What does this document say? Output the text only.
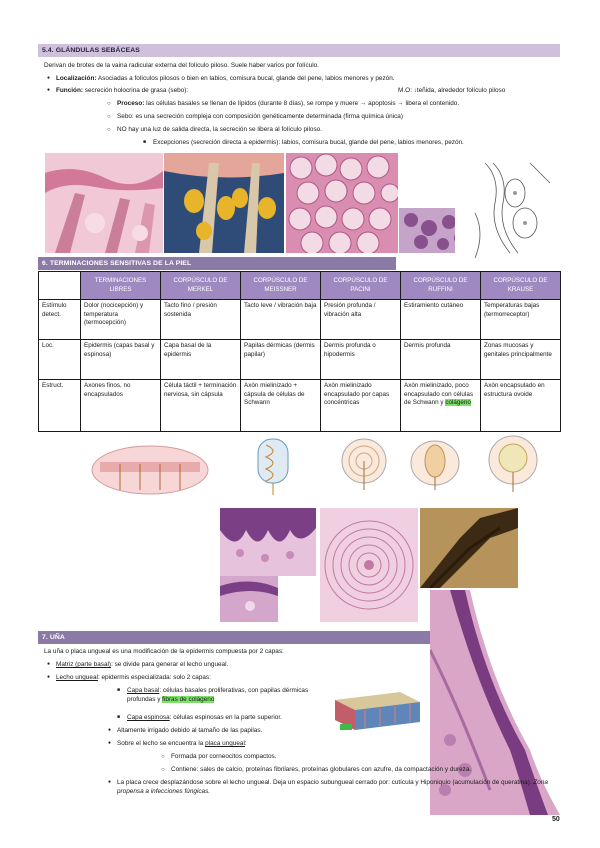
5.4. GLÁNDULAS SEBÁCEAS
Derivan de brotes de la vaina radicular externa del folículo piloso. Suele haber varios por folículo.
● Localización: Asociadas a folículos pilosos o bien en labios, comisura bucal, glande del pene, labios menores y pezón.
● Función: secreción holocrina de grasa (sebo):	M.O: ↓teñida, alrededor folículo piloso
○ Proceso: las células basales se llenan de lípidos (durante 8 días), se rompe y muere → apoptosis → libera el contenido.
○ Sebo: es una secreción compleja con composición genéticamente determinada (firma química única)
○ NO hay una luz de salida directa, la secreción se libera al folículo piloso.
■ Excepciones (secreción directa a epidermis): labios, comisura bucal, glande del pene, labios menores, pezón.
6. TERMINACIONES SENSITIVAS DE LA PIEL
	TERMINACIONES LIBRES	CORPÚSCULO DE MERKEL	CORPÚSCULO DE MEISSNER	CORPÚSCULO DE PACINI	CORPÚSCULO DE RUFFINI	CORPÚSCULO DE KRAUSE
Estímulo detect.	Dolor (nocicepción) y temperatura (termocepción)	Tacto fino / presión sostenida	Tacto leve / vibración baja	Presión profunda / vibración alta	Estiramiento cutáneo	Temperaturas bajas (termorreceptor)
Loc.	Epidermis (capas basal y espinosa)	Capa basal de la epidermis	Papilas dérmicas (dermis papilar)	Dermis profunda o hipodermis	Dermis profunda	Zonas mucosas y genitales principalmente
Estruct.	Axones finos, no encapsulados	Célula táctil + terminación nerviosa, sin cápsula	Axón mielinizado + cápsula de células de Schwann	Axón mielinizado encapsulado por capas concéntricas	Axón mielinizado, poco encapsulado con células de Schwann y colágeno	Axón encapsulado en estructura ovoide
7. UÑA
La uña o placa ungueal es una modificación de la epidermis compuesta por 2 capas:
● Matriz (parte basal): se divide para generar el lecho ungueal.
● Lecho ungueal: epidermis especializada: solo 2 capas:
■ Capa basal: células basales proliferativas, con papilas dérmicas profundas y fibras de colágeno
■ Capa espinosa: células espinosas en la parte superior.
● Altamente irrigado debido al tamaño de las papilas.
● Sobre el lecho se encuentra la placa ungueal:
○ Formada por corneocitos compactos.
○ Contiene: sales de calcio, proteínas fibrilares, proteínas globulares con azufre, da compactación y dureza.
● La placa crece desplazándose sobre el lecho ungueal. Deja un espacio subungueal cerrado por: cutícula y Hiponiquio (acumulación de queratina). Zona propensa a infecciones fúngicas.
50
